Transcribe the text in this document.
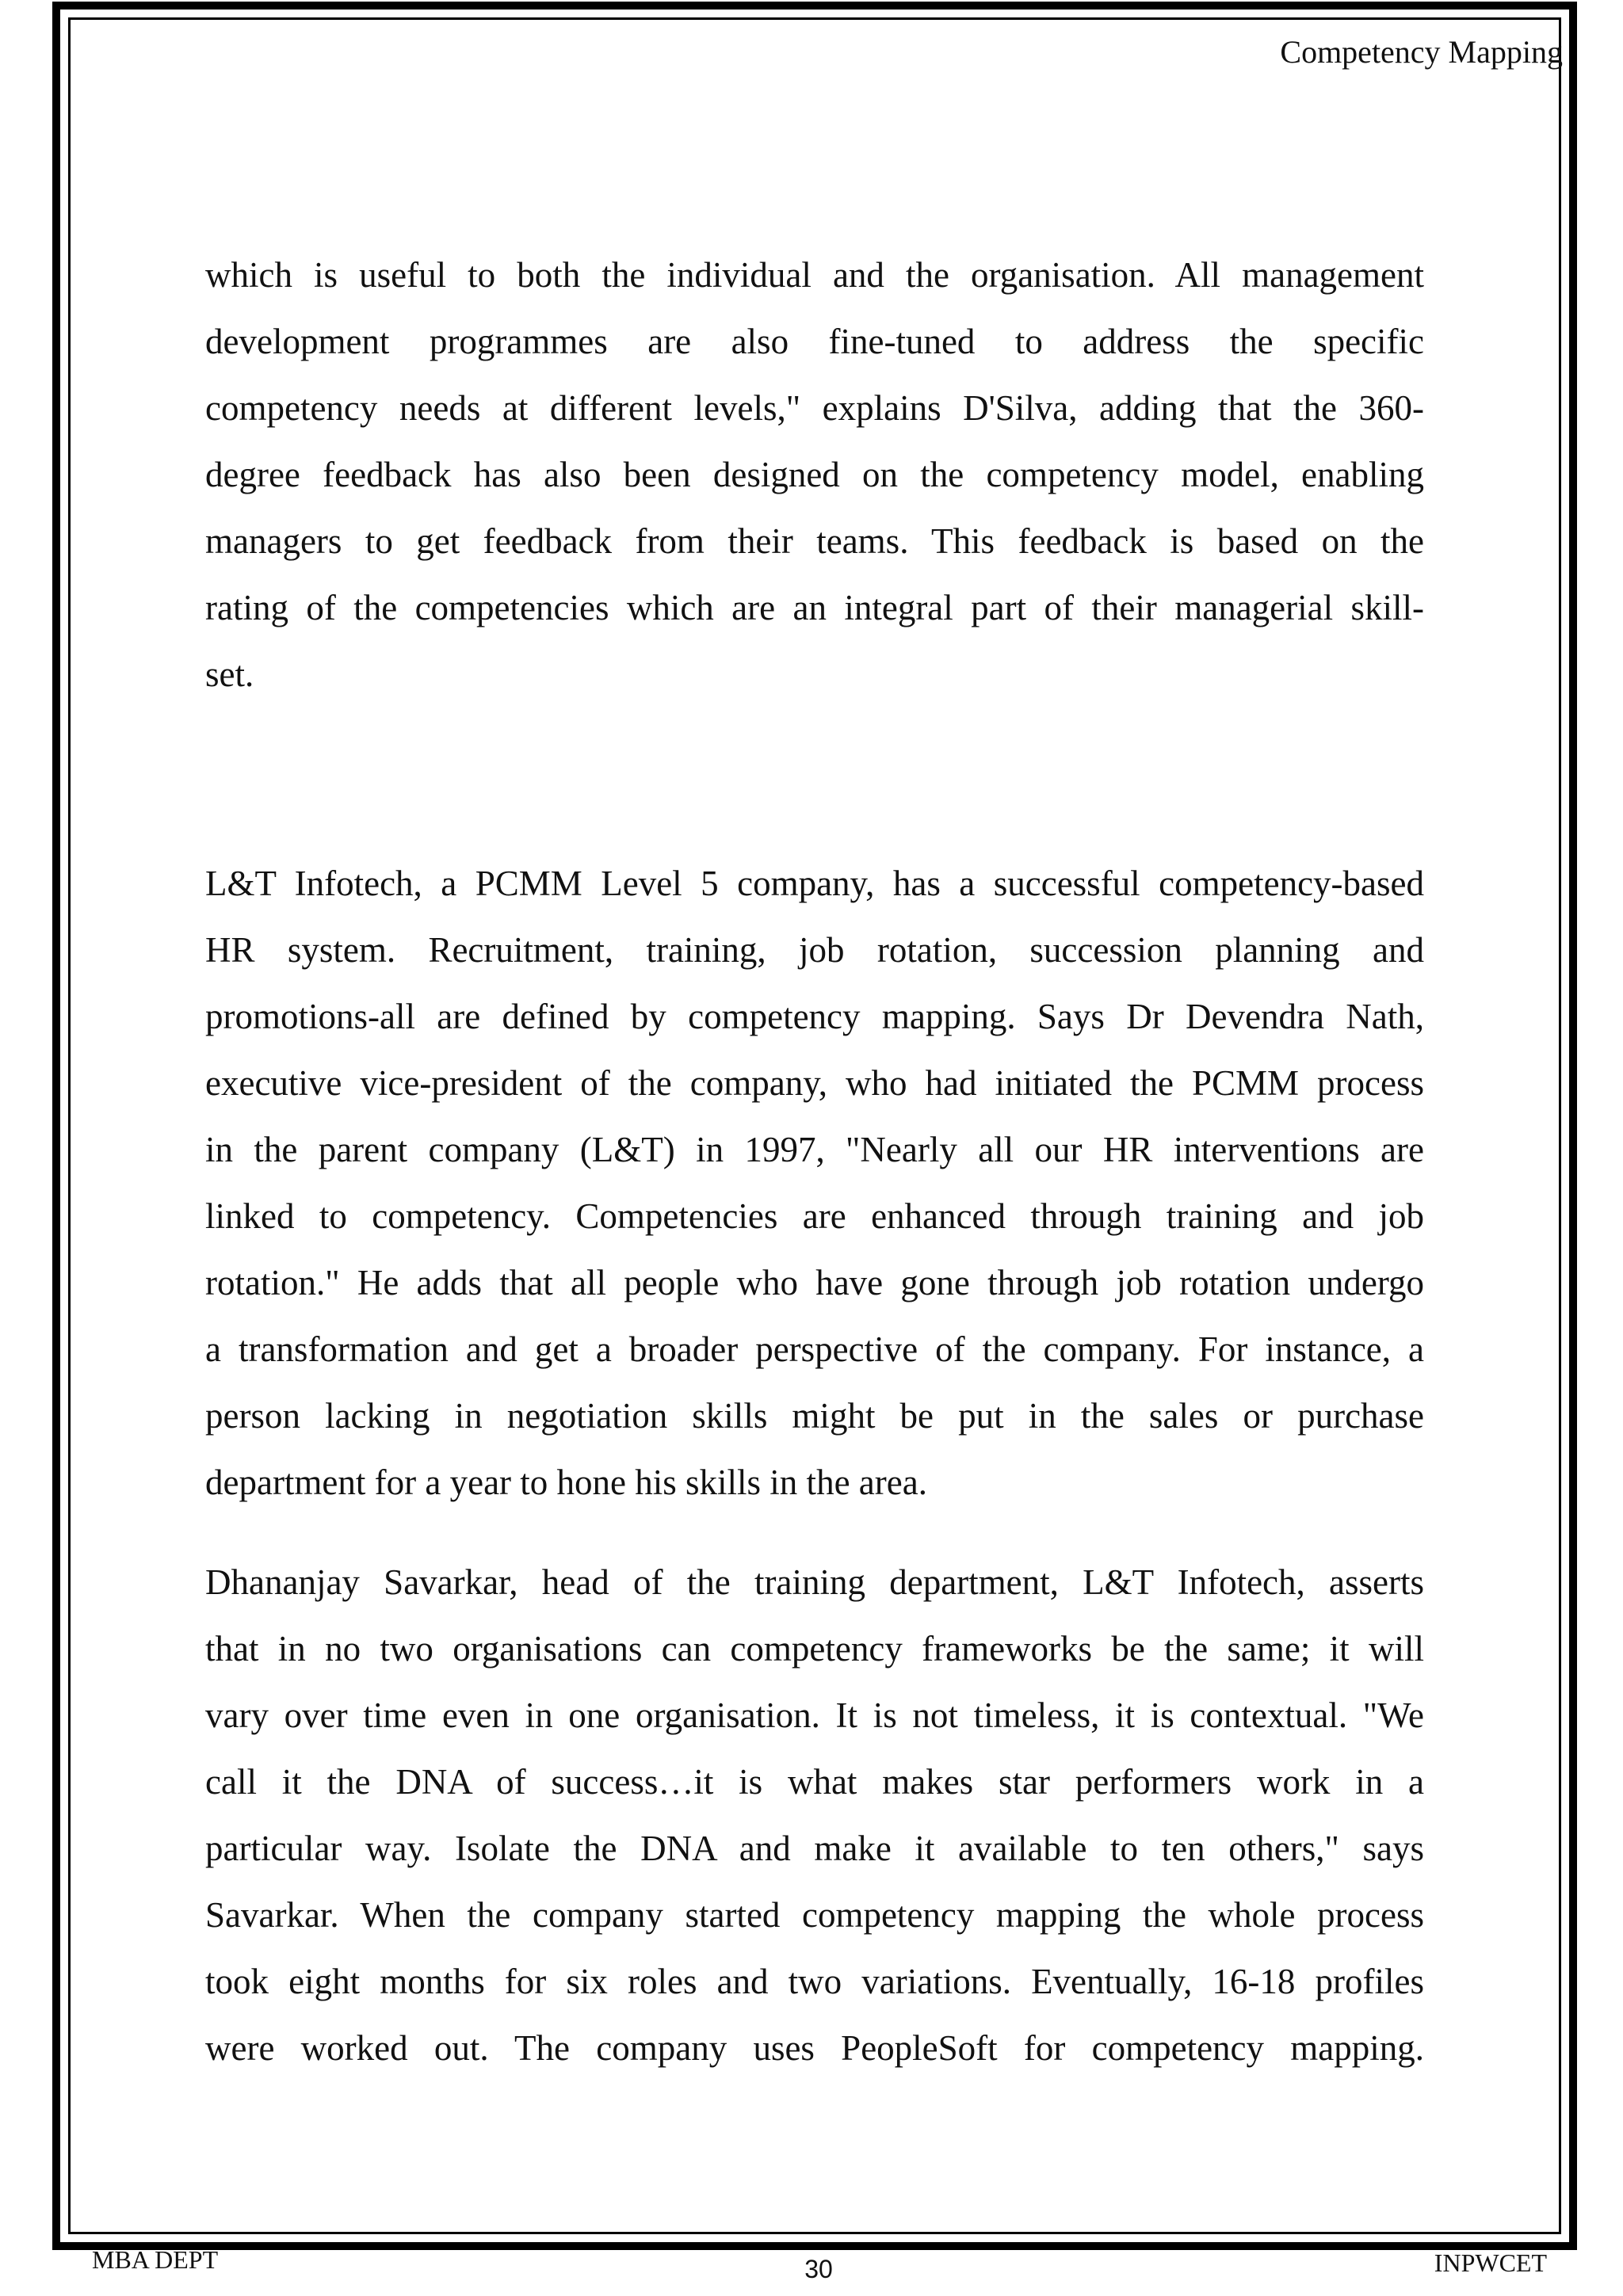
Competency Mapping

which is useful to both the individual and the organisation. All management
development programmes are also fine-tuned to address the specific
competency needs at different levels," explains D'Silva, adding that the 360-
degree feedback has also been designed on the competency model, enabling
managers to get feedback from their teams. This feedback is based on the
rating of the competencies which are an integral part of their managerial skill-
set.

L&T Infotech, a PCMM Level 5 company, has a successful competency-based
HR system. Recruitment, training, job rotation, succession planning and
promotions-all are defined by competency mapping. Says Dr Devendra Nath,
executive vice-president of the company, who had initiated the PCMM process
in the parent company (L&T) in 1997, "Nearly all our HR interventions are
linked to competency. Competencies are enhanced through training and job
rotation." He adds that all people who have gone through job rotation undergo
a transformation and get a broader perspective of the company. For instance, a
person lacking in negotiation skills might be put in the sales or purchase
department for a year to hone his skills in the area.

Dhananjay Savarkar, head of the training department, L&T Infotech, asserts
that in no two organisations can competency frameworks be the same; it will
vary over time even in one organisation. It is not timeless, it is contextual. "We
call it the DNA of success…it is what makes star performers work in a
particular way. Isolate the DNA and make it available to ten others," says
Savarkar. When the company started competency mapping the whole process
took eight months for six roles and two variations. Eventually, 16-18 profiles
were worked out. The company uses PeopleSoft for competency mapping.

MBA DEPT	30	INPWCET
